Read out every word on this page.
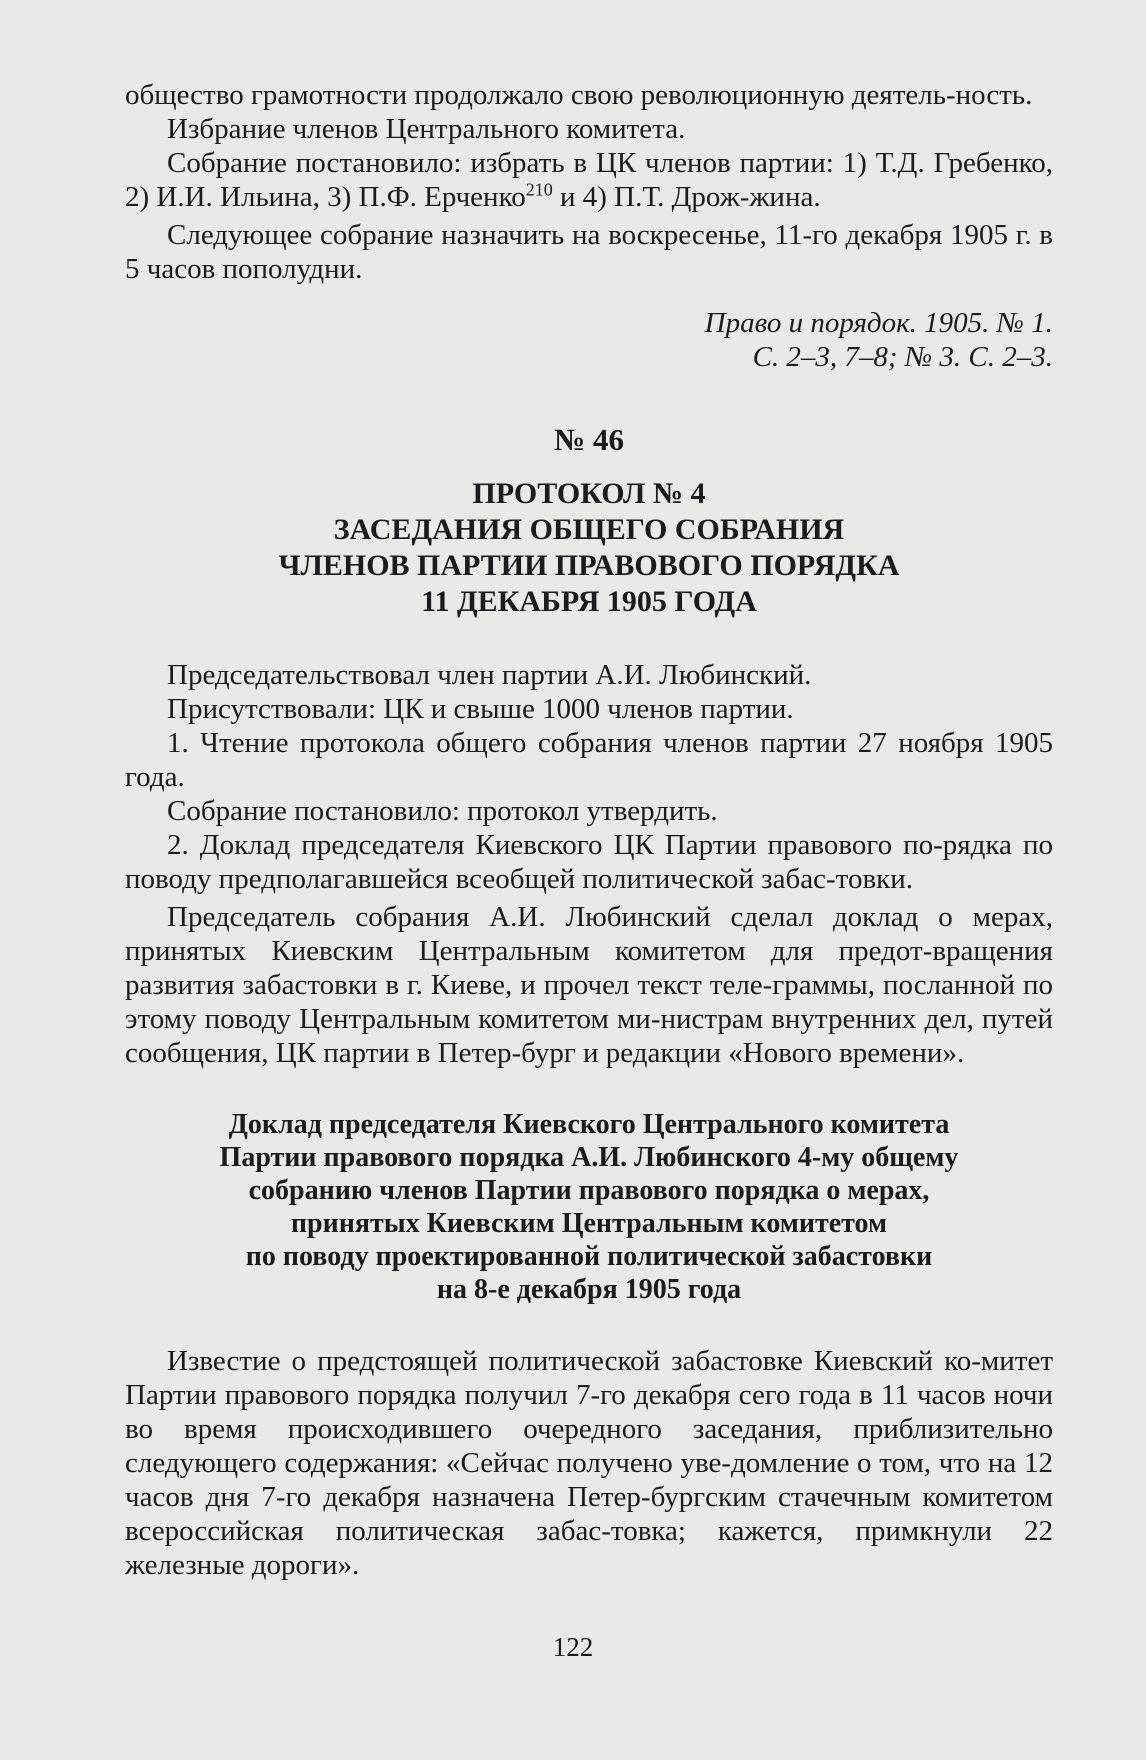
общество грамотности продолжало свою революционную деятель-ность.

Избрание членов Центрального комитета.

Собрание постановило: избрать в ЦК членов партии: 1) Т.Д. Гребенко, 2) И.И. Ильина, 3) П.Ф. Ерченко$^{210}$ и 4) П.Т. Дрож-жина.

Следующее собрание назначить на воскресенье, 11-го декабря 1905 г. в 5 часов пополудни.

Право и порядок. 1905. № 1.
С. 2–3, 7–8; № 3. С. 2–3.
№ 46
ПРОТОКОЛ № 4
ЗАСЕДАНИЯ ОБЩЕГО СОБРАНИЯ
ЧЛЕНОВ ПАРТИИ ПРАВОВОГО ПОРЯДКА
11 ДЕКАБРЯ 1905 ГОДА

Председательствовал член партии А.И. Любинский.

Присутствовали: ЦК и свыше 1000 членов партии.

1. Чтение протокола общего собрания членов партии 27 ноября 1905 года.

Собрание постановило: протокол утвердить.

2. Доклад председателя Киевского ЦК Партии правового по-рядка по поводу предполагавшейся всеобщей политической забас-товки.

Председатель собрания А.И. Любинский сделал доклад о мерах, принятых Киевским Центральным комитетом для предот-вращения развития забастовки в г. Киеве, и прочел текст теле-граммы, посланной по этому поводу Центральным комитетом ми-нистрам внутренних дел, путей сообщения, ЦК партии в Петер-бург и редакции «Нового времени».

Доклад председателя Киевского Центрального комитета
Партии правового порядка А.И. Любинского 4-му общему
собранию членов Партии правового порядка о мерах,
принятых Киевским Центральным комитетом
по поводу проектированной политической забастовки
на 8-е декабря 1905 года

Известие о предстоящей политической забастовке Киевский ко-митет Партии правового порядка получил 7-го декабря сего года в 11 часов ночи во время происходившего очередного заседания, приблизительно следующего содержания: «Сейчас получено уве-домление о том, что на 12 часов дня 7-го декабря назначена Петер-бургским стачечным комитетом всероссийская политическая забас-товка; кажется, примкнули 22 железные дороги».

122
